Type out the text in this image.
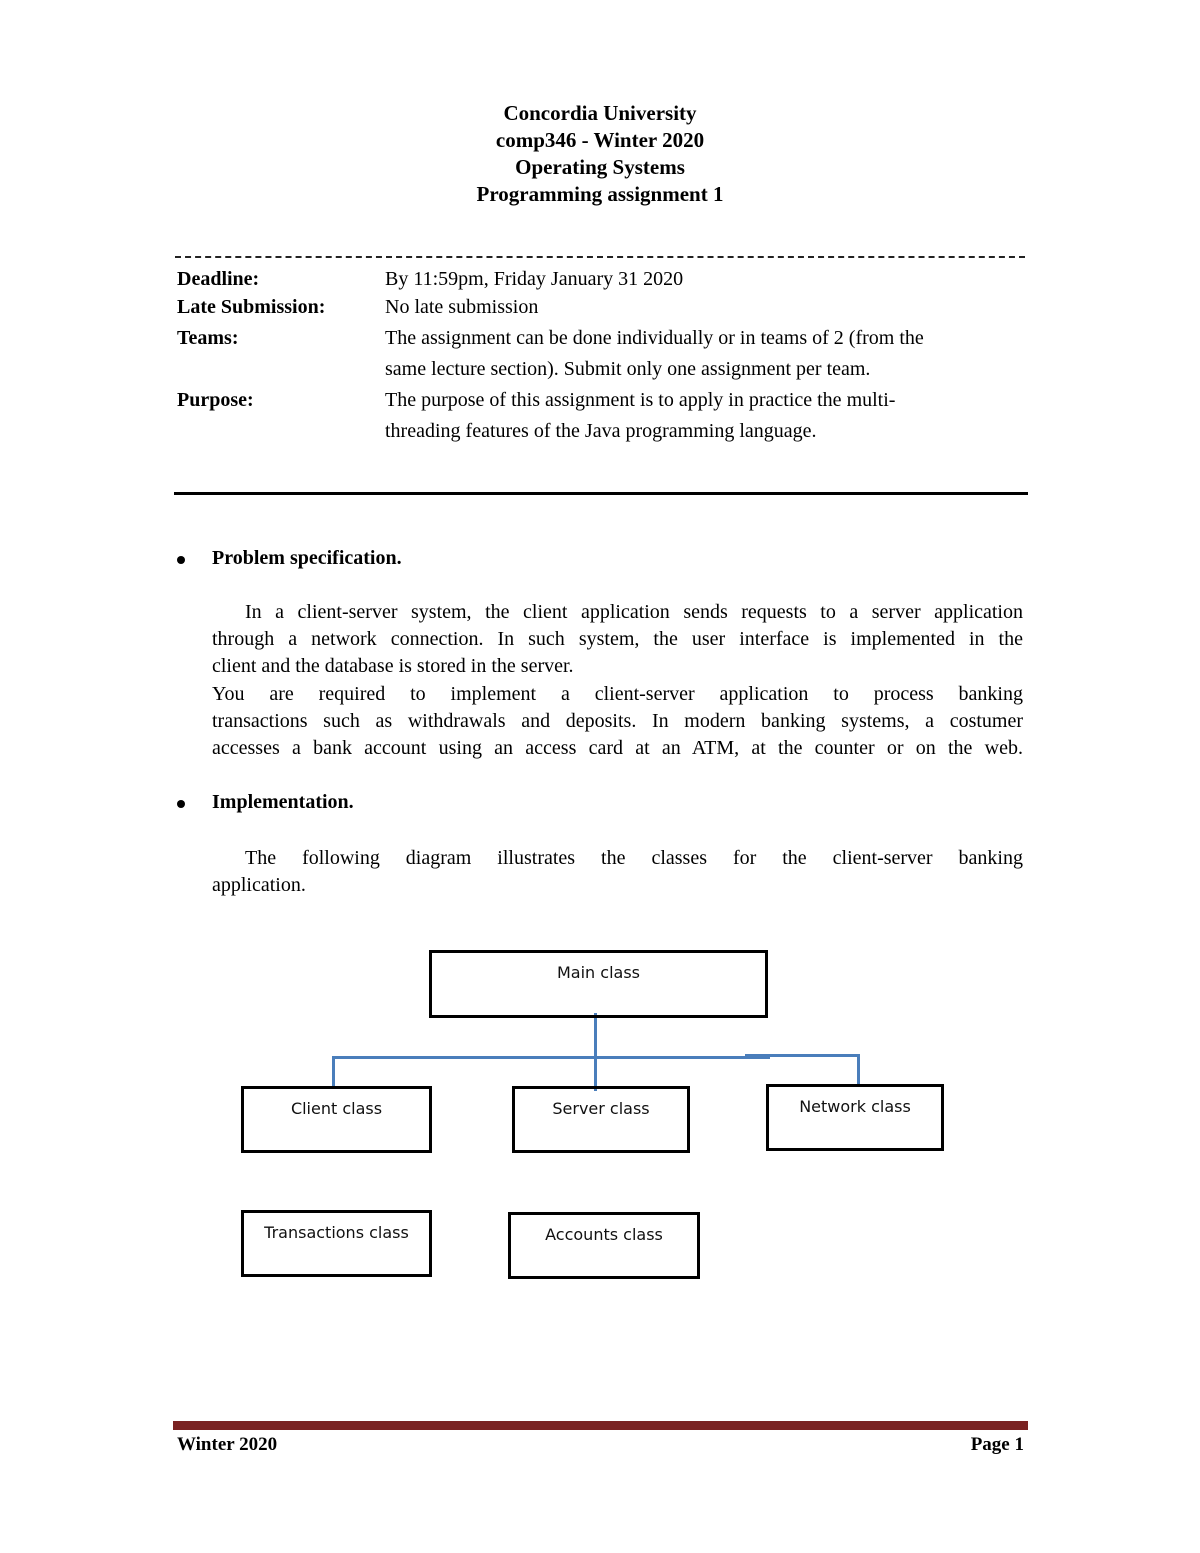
Concordia University
comp346 - Winter 2020
Operating Systems
Programming assignment 1
Deadline:	By 11:59pm, Friday January 31 2020
Late Submission:	No late submission
Teams:	The assignment can be done individually or in teams of 2 (from the
same lecture section). Submit only one assignment per team.
Purpose:	The purpose of this assignment is to apply in practice the multi-
threading features of the Java programming language.
Problem specification.
In a client-server system, the client application sends requests to a server application
through a network connection. In such system, the user interface is implemented in the
client and the database is stored in the server.
You are required to implement a client-server application to process banking
transactions such as withdrawals and deposits. In modern banking systems, a costumer
accesses a bank account using an access card at an ATM, at the counter or on the web.
Implementation.
The following diagram illustrates the classes for the client-server banking
application.
Main class
Client class	Server class	Network class
Transactions class	Accounts class
Winter 2020	Page 1
